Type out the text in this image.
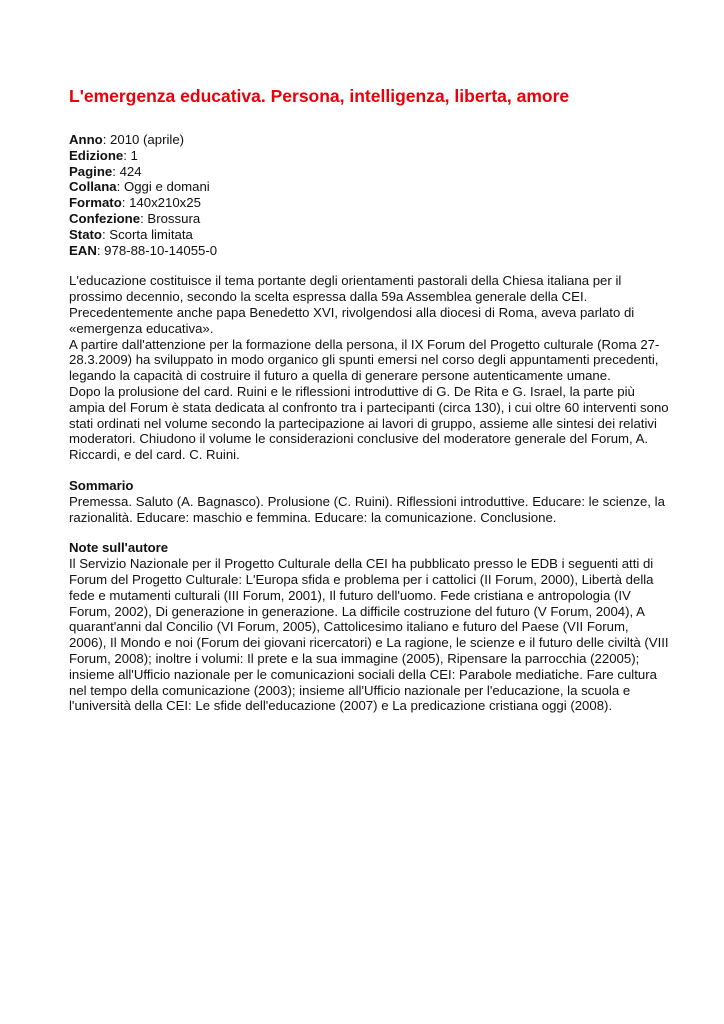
L'emergenza educativa. Persona, intelligenza, liberta, amore
Anno: 2010 (aprile)
Edizione: 1
Pagine: 424
Collana: Oggi e domani
Formato: 140x210x25
Confezione: Brossura
Stato: Scorta limitata
EAN: 978-88-10-14055-0

L'educazione costituisce il tema portante degli orientamenti pastorali della Chiesa italiana per il prossimo decennio, secondo la scelta espressa dalla 59a Assemblea generale della CEI. Precedentemente anche papa Benedetto XVI, rivolgendosi alla diocesi di Roma, aveva parlato di «emergenza educativa».

A partire dall'attenzione per la formazione della persona, il IX Forum del Progetto culturale (Roma 27-28.3.2009) ha sviluppato in modo organico gli spunti emersi nel corso degli appuntamenti precedenti, legando la capacità di costruire il futuro a quella di generare persone autenticamente umane.

Dopo la prolusione del card. Ruini e le riflessioni introduttive di G. De Rita e G. Israel, la parte più ampia del Forum è stata dedicata al confronto tra i partecipanti (circa 130), i cui oltre 60 interventi sono stati ordinati nel volume secondo la partecipazione ai lavori di gruppo, assieme alle sintesi dei relativi moderatori. Chiudono il volume le considerazioni conclusive del moderatore generale del Forum, A. Riccardi, e del card. C. Ruini.

Sommario

Premessa. Saluto (A. Bagnasco). Prolusione (C. Ruini). Riflessioni introduttive. Educare: le scienze, la razionalità. Educare: maschio e femmina. Educare: la comunicazione. Conclusione.

Note sull'autore

Il Servizio Nazionale per il Progetto Culturale della CEI ha pubblicato presso le EDB i seguenti atti di Forum del Progetto Culturale: L'Europa sfida e problema per i cattolici (II Forum, 2000), Libertà della fede e mutamenti culturali (III Forum, 2001), Il futuro dell'uomo. Fede cristiana e antropologia (IV Forum, 2002), Di generazione in generazione. La difficile costruzione del futuro (V Forum, 2004), A quarant'anni dal Concilio (VI Forum, 2005), Cattolicesimo italiano e futuro del Paese (VII Forum, 2006), Il Mondo e noi (Forum dei giovani ricercatori) e La ragione, le scienze e il futuro delle civiltà (VIII Forum, 2008); inoltre i volumi: Il prete e la sua immagine (2005), Ripensare la parrocchia (22005); insieme all'Ufficio nazionale per le comunicazioni sociali della CEI: Parabole mediatiche. Fare cultura nel tempo della comunicazione (2003); insieme all'Ufficio nazionale per l'educazione, la scuola e l'università della CEI: Le sfide dell'educazione (2007) e La predicazione cristiana oggi (2008).
